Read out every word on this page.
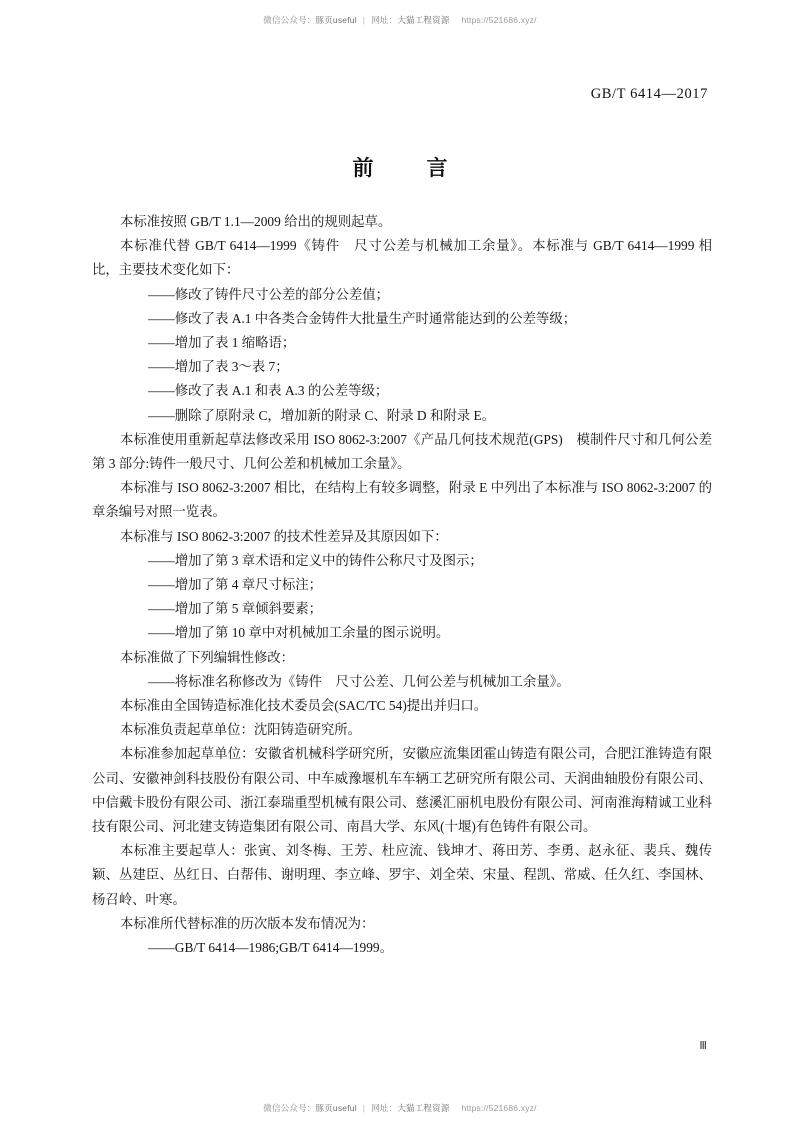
微信公众号：豚页useful | 网址：大猫工程资源 https://521686.xyz/
GB/T 6414—2017
前　言

本标准按照 GB/T 1.1—2009 给出的规则起草。

本标准代替 GB/T 6414—1999《铸件　尺寸公差与机械加工余量》。本标准与 GB/T 6414—1999 相比，主要技术变化如下：

——修改了铸件尺寸公差的部分公差值；

——修改了表 A.1 中各类合金铸件大批量生产时通常能达到的公差等级；

——增加了表 1 缩略语；

——增加了表 3～表 7；

——修改了表 A.1 和表 A.3 的公差等级；

——删除了原附录 C，增加新的附录 C、附录 D 和附录 E。

本标准使用重新起草法修改采用 ISO 8062-3:2007《产品几何技术规范(GPS)　模制件尺寸和几何公差　第 3 部分:铸件一般尺寸、几何公差和机械加工余量》。

本标准与 ISO 8062-3:2007 相比，在结构上有较多调整，附录 E 中列出了本标准与 ISO 8062-3:2007 的章条编号对照一览表。

本标准与 ISO 8062-3:2007 的技术性差异及其原因如下：

——增加了第 3 章术语和定义中的铸件公称尺寸及图示；

——增加了第 4 章尺寸标注；

——增加了第 5 章倾斜要素；

——增加了第 10 章中对机械加工余量的图示说明。

本标准做了下列编辑性修改：

——将标准名称修改为《铸件　尺寸公差、几何公差与机械加工余量》。

本标准由全国铸造标准化技术委员会(SAC/TC 54)提出并归口。

本标准负责起草单位：沈阳铸造研究所。

本标准参加起草单位：安徽省机械科学研究所，安徽应流集团霍山铸造有限公司，合肥江淮铸造有限公司、安徽神剑科技股份有限公司、中车威豫堰机车车辆工艺研究所有限公司、天润曲轴股份有限公司、中信戴卡股份有限公司、浙江泰瑞重型机械有限公司、慈溪汇丽机电股份有限公司、河南淮海精诚工业科技有限公司、河北建支铸造集团有限公司、南昌大学、东风(十堰)有色铸件有限公司。

本标准主要起草人：张寅、刘冬梅、王芳、杜应流、钱坤才、蒋田芳、李勇、赵永征、裴兵、魏传颖、丛建臣、丛红日、白帮伟、谢明理、李立峰、罗宇、刘全荣、宋量、程凯、常威、任久红、李国林、杨召岭、叶寒。

本标准所代替标准的历次版本发布情况为：

——GB/T 6414—1986;GB/T 6414—1999。

Ⅲ
微信公众号：豚页useful | 网址：大猫工程资源 https://521686.xyz/
